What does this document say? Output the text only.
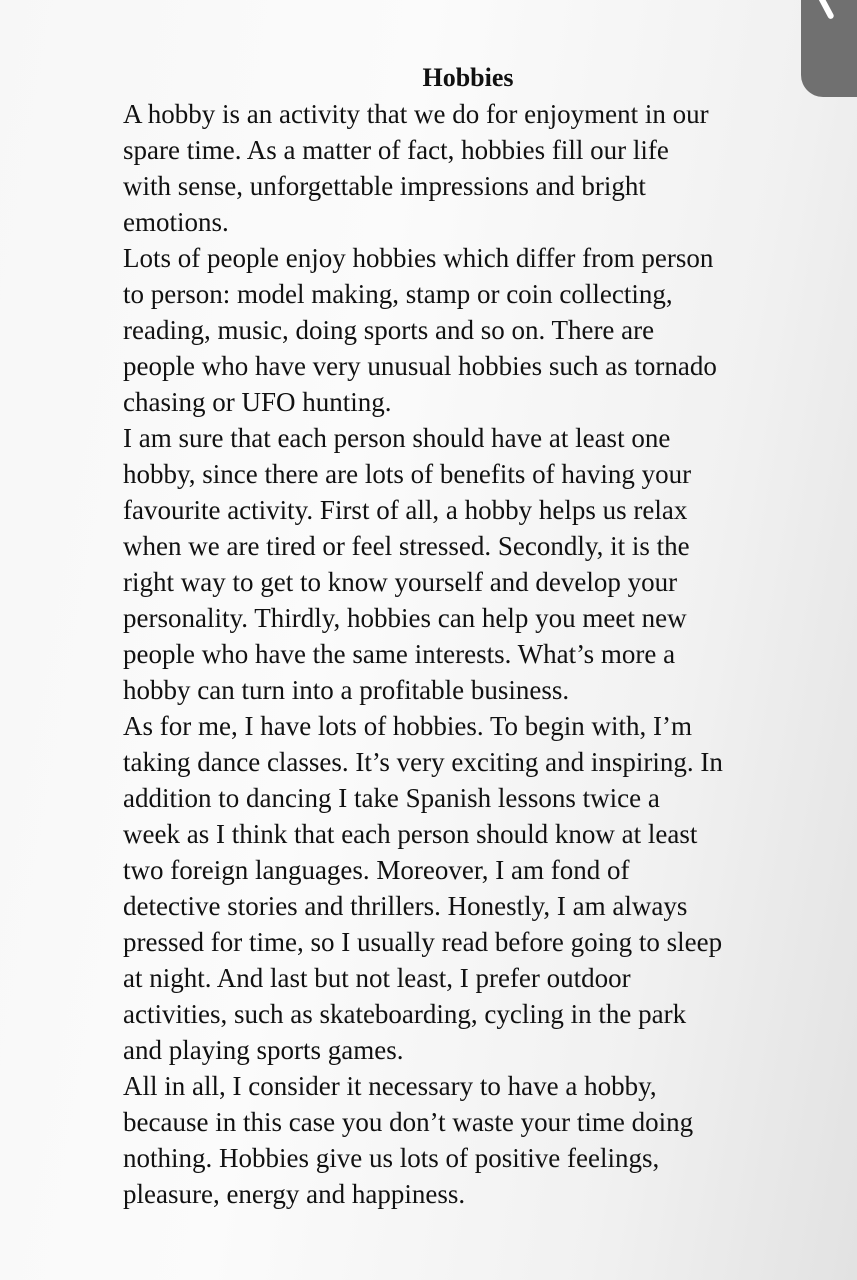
Hobbies

A hobby is an activity that we do for enjoyment in our
spare time. As a matter of fact, hobbies fill our life
with sense, unforgettable impressions and bright
emotions.

Lots of people enjoy hobbies which differ from person
to person: model making, stamp or coin collecting,
reading, music, doing sports and so on. There are
people who have very unusual hobbies such as tornado
chasing or UFO hunting.

I am sure that each person should have at least one
hobby, since there are lots of benefits of having your
favourite activity. First of all, a hobby helps us relax
when we are tired or feel stressed. Secondly, it is the
right way to get to know yourself and develop your
personality. Thirdly, hobbies can help you meet new
people who have the same interests. What’s more a
hobby can turn into a profitable business.

As for me, I have lots of hobbies. To begin with, I’m
taking dance classes. It’s very exciting and inspiring. In
addition to dancing I take Spanish lessons twice a
week as I think that each person should know at least
two foreign languages. Moreover, I am fond of
detective stories and thrillers. Honestly, I am always
pressed for time, so I usually read before going to sleep
at night. And last but not least, I prefer outdoor
activities, such as skateboarding, cycling in the park
and playing sports games.

All in all, I consider it necessary to have a hobby,
because in this case you don’t waste your time doing
nothing. Hobbies give us lots of positive feelings,
pleasure, energy and happiness.
